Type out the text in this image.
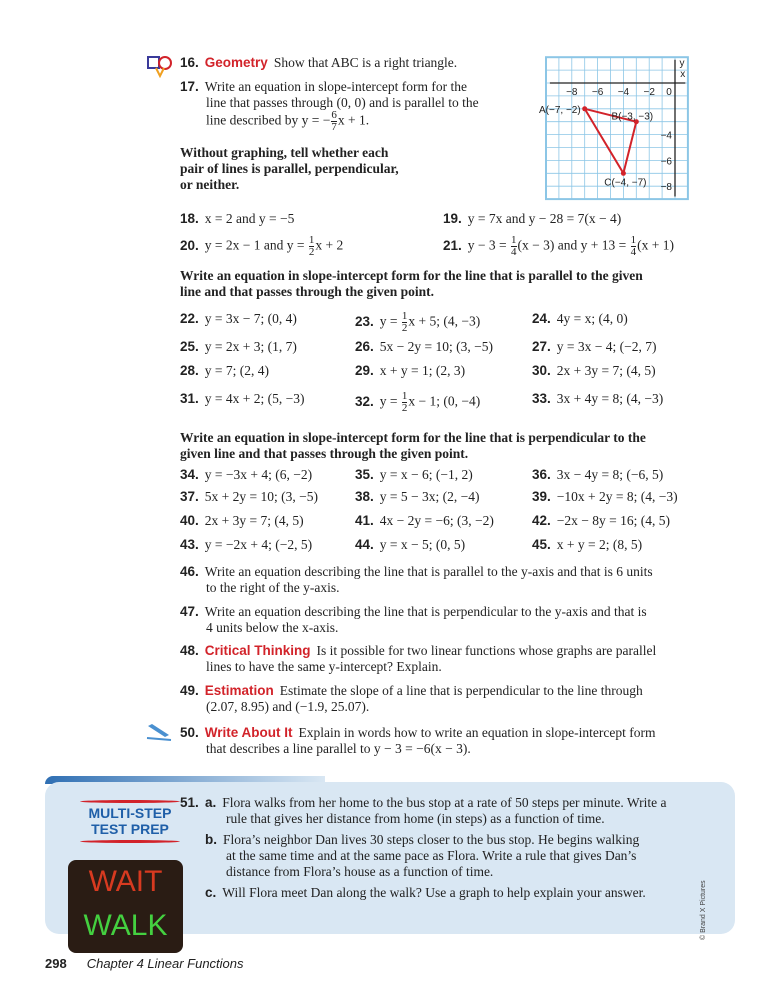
16. Geometry Show that ABC is a right triangle.
17. Write an equation in slope-intercept form for the
line that passes through (0, 0) and is parallel to the
line described by y = − $\frac{6}{7}$ x + 1.
Without graphing, tell whether each
pair of lines is parallel, perpendicular,
or neither.
x
y
−8 −6 −4 −2 0
−4
−6
−8
A(−7, −2)
B(−3, −3)
C(−4, −7)
18. x = 2 and y = −5	19. y = 7x and y − 28 = 7(x − 4)
20. y = 2x − 1 and $y = \frac{1}{2}$ x + 2	21. $y - 3 = \frac{1}{4} (x - 3)$ and $y + 13 = \frac{1}{4} (x + 1)$
Write an equation in slope-intercept form for the line that is parallel to the given
line and that passes through the given point.
Write an equation in slope-intercept form for the line that is perpendicular to the
given line and that passes through the given point.
MULTI-STEP
TEST PREP
WAIT
WALK
298 Chapter 4 Linear Functions
© Brand X Pictures
22. y = 3x − 7; (0, 4)	23. $y = \frac{1}{2}$ x + 5; (4, −3)	24. 4y = x; (4, 0)
25. y = 2x + 3; (1, 7)	26. 5x − 2y = 10; (3, −5)	27. y = 3x − 4; (−2, 7)
28. y = 7; (2, 4)	29. x + y = 1; (2, 3)	30. 2x + 3y = 7; (4, 5)
31. y = 4x + 2; (5, −3)	32. $y = \frac{1}{2}$ x − 1; (0, −4)	33. 3x + 4y = 8; (4, −3)
34. y = −3x + 4; (6, −2)	35. y = x − 6; (−1, 2)	36. 3x − 4y = 8; (−6, 5)
37. 5x + 2y = 10; (3, −5)	38. y = 5 − 3x; (2, −4)	39. −10x + 2y = 8; (4, −3)
40. 2x + 3y = 7; (4, 5)	41. 4x − 2y = −6; (3, −2)	42. −2x − 8y = 16; (4, 5)
43. y = −2x + 4; (−2, 5)	44. y = x − 5; (0, 5)	45. x + y = 2; (8, 5)
46. Write an equation describing the line that is parallel to the y-axis and that is 6 units
to the right of the y-axis.
47. Write an equation describing the line that is perpendicular to the y-axis and that is
4 units below the x-axis.
48. Critical Thinking Is it possible for two linear functions whose graphs are parallel
lines to have the same y-intercept? Explain.
49. Estimation Estimate the slope of a line that is perpendicular to the line through
(2.07, 8.95) and (−1.9, 25.07).
50. Write About It Explain in words how to write an equation in slope-intercept form
that describes a line parallel to y − 3 = −6(x − 3).
51. a. Flora walks from her home to the bus stop at a rate of 50 steps per minute. Write a
rule that gives her distance from home (in steps) as a function of time.
b. Flora’s neighbor Dan lives 30 steps closer to the bus stop. He begins walking
at the same time and at the same pace as Flora. Write a rule that gives Dan’s
distance from Flora’s house as a function of time.
c. Will Flora meet Dan along the walk? Use a graph to help explain your answer.
